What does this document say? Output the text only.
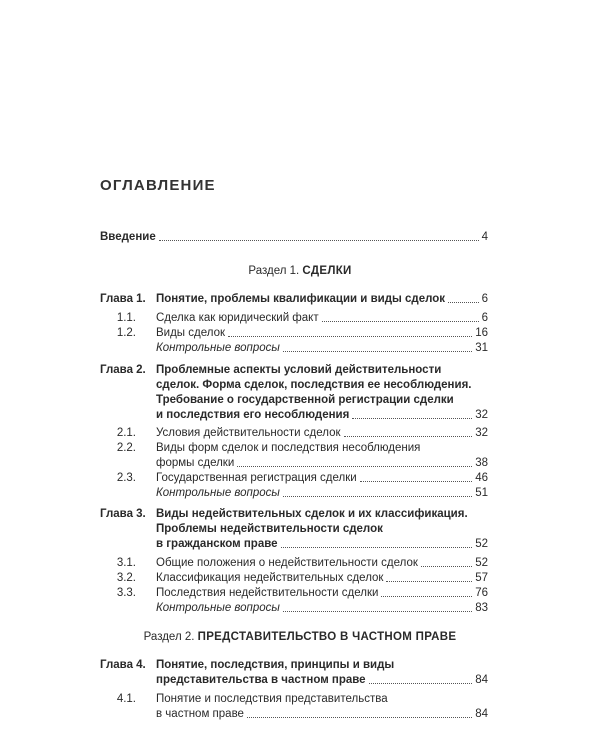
ОГЛАВЛЕНИЕ
Введение	4
Раздел 1. СДЕЛКИ
Глава 1. Понятие, проблемы квалификации и виды сделок	6
1.1. Сделка как юридический факт	6
1.2. Виды сделок	16
Контрольные вопросы	31
Глава 2. Проблемные аспекты условий действительности
сделок. Форма сделок, последствия ее несоблюдения.
Требование о государственной регистрации сделки
и последствия его несоблюдения	32
2.1. Условия действительности сделок	32
2.2. Виды форм сделок и последствия несоблюдения
формы сделки	38
2.3. Государственная регистрация сделки	46
Контрольные вопросы	51
Глава 3. Виды недействительных сделок и их классификация.
Проблемы недействительности сделок
в гражданском праве	52
3.1. Общие положения о недействительности сделок	52
3.2. Классификация недействительных сделок	57
3.3. Последствия недействительности сделки	76
Контрольные вопросы	83
Раздел 2. ПРЕДСТАВИТЕЛЬСТВО В ЧАСТНОМ ПРАВЕ
Глава 4. Понятие, последствия, принципы и виды
представительства в частном праве	84
4.1. Понятие и последствия представительства
в частном праве	84
